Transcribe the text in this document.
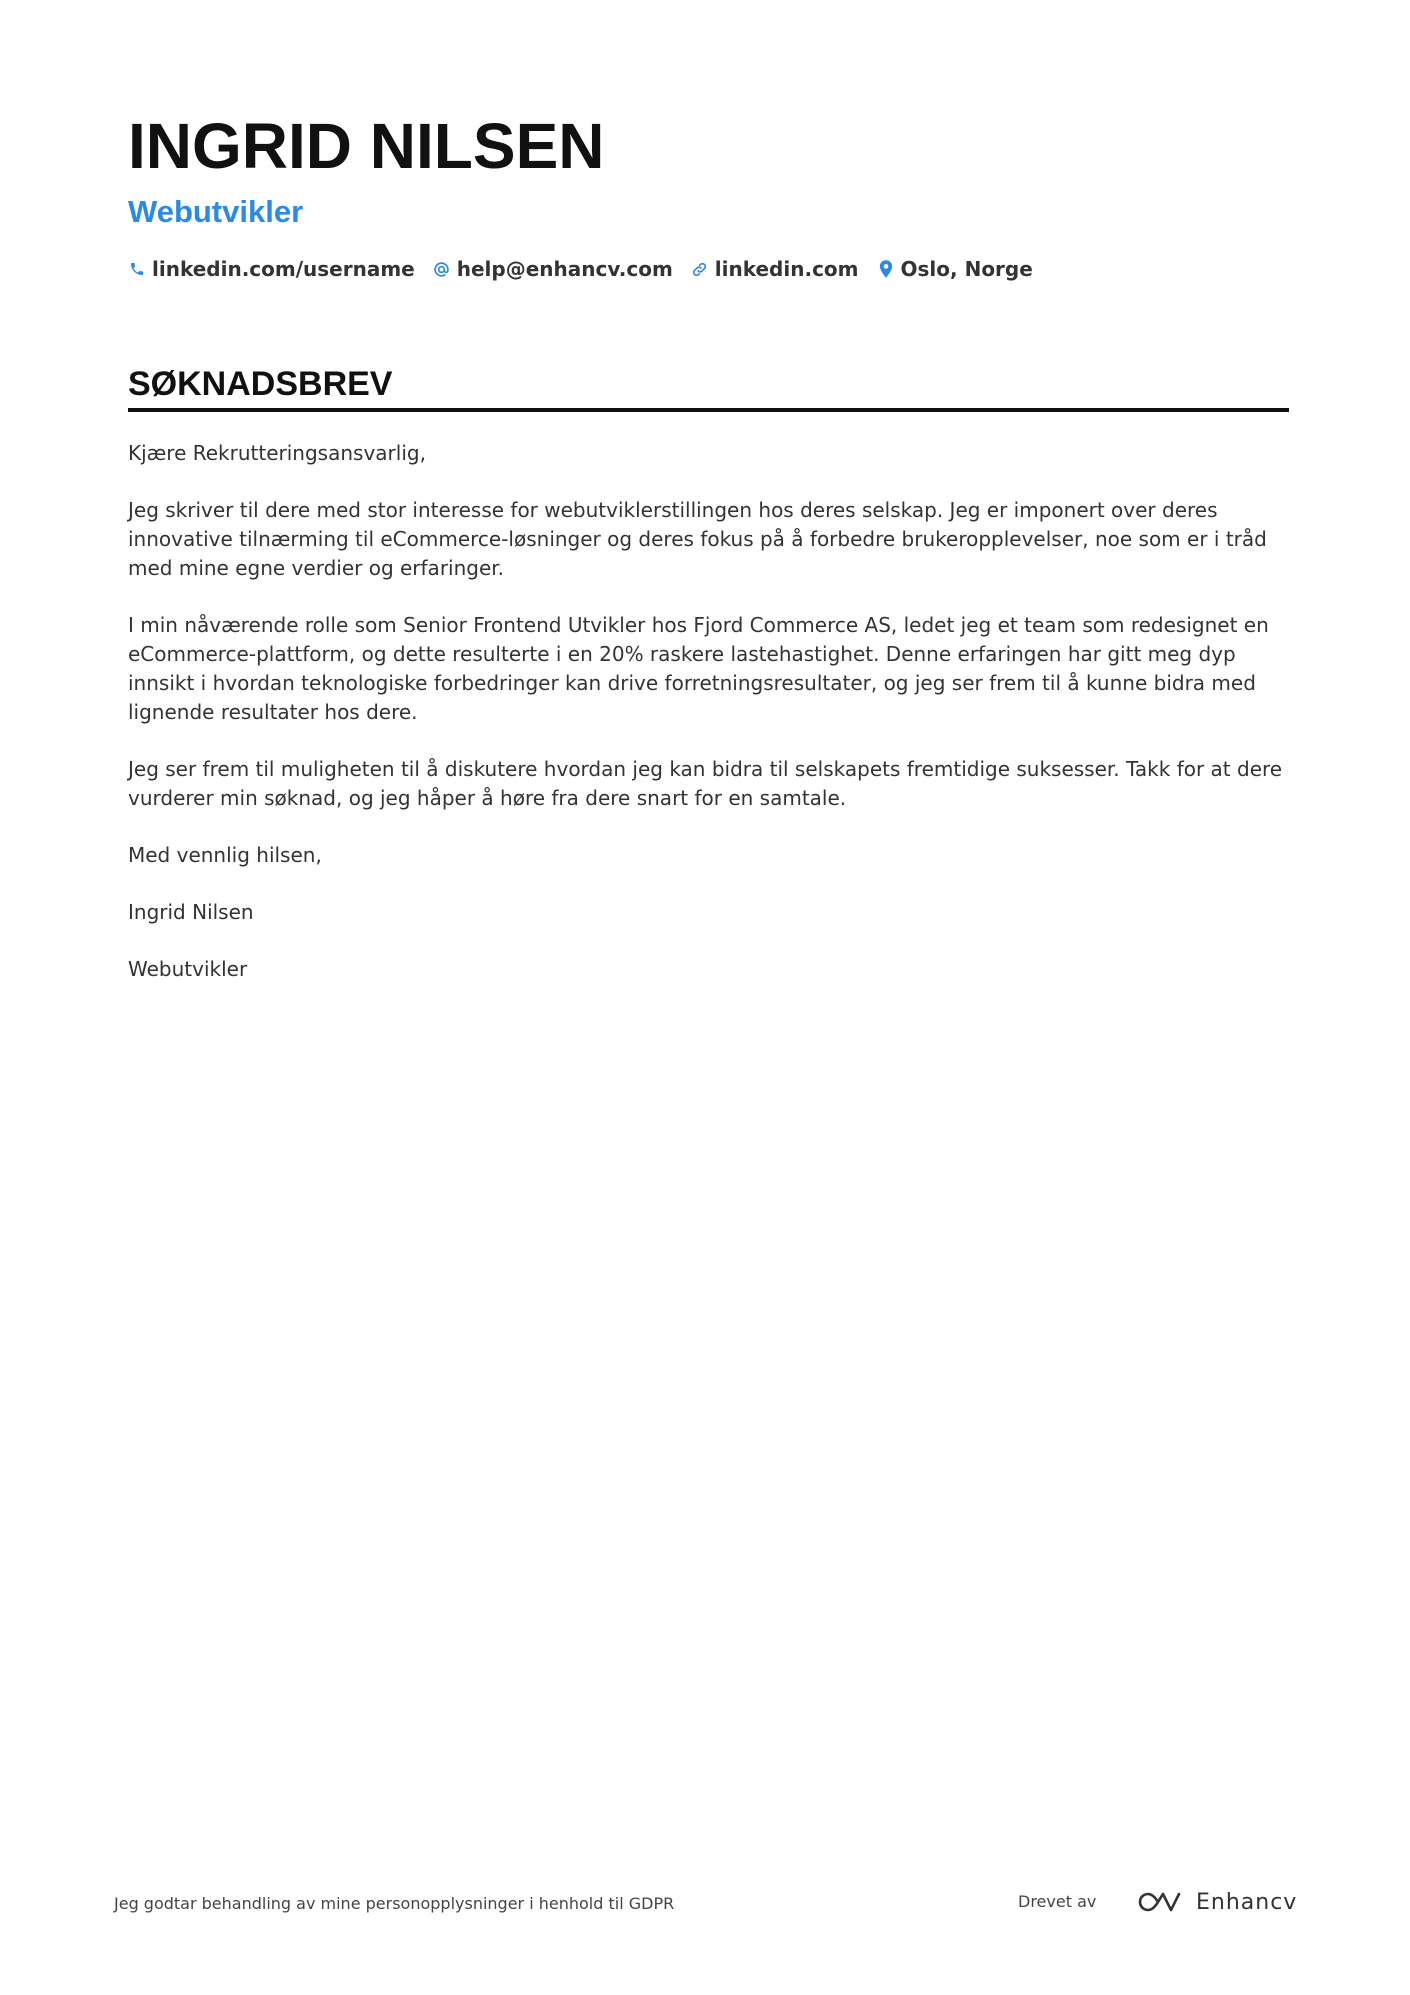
INGRID NILSEN
Webutvikler
linkedin.com/username help@enhancv.com linkedin.com Oslo, Norge
SØKNADSBREV

Kjære Rekrutteringsansvarlig,

Jeg skriver til dere med stor interesse for webutviklerstillingen hos deres selskap. Jeg er imponert over deres innovative tilnærming til eCommerce-løsninger og deres fokus på å forbedre brukeropplevelser, noe som er i tråd med mine egne verdier og erfaringer.

I min nåværende rolle som Senior Frontend Utvikler hos Fjord Commerce AS, ledet jeg et team som redesignet en eCommerce-plattform, og dette resulterte i en 20% raskere lastehastighet. Denne erfaringen har gitt meg dyp innsikt i hvordan teknologiske forbedringer kan drive forretningsresultater, og jeg ser frem til å kunne bidra med lignende resultater hos dere.

Jeg ser frem til muligheten til å diskutere hvordan jeg kan bidra til selskapets fremtidige suksesser. Takk for at dere vurderer min søknad, og jeg håper å høre fra dere snart for en samtale.

Med vennlig hilsen,

Ingrid Nilsen

Webutvikler

Jeg godtar behandling av mine personopplysninger i henhold til GDPR	Drevet av	Enhancv
